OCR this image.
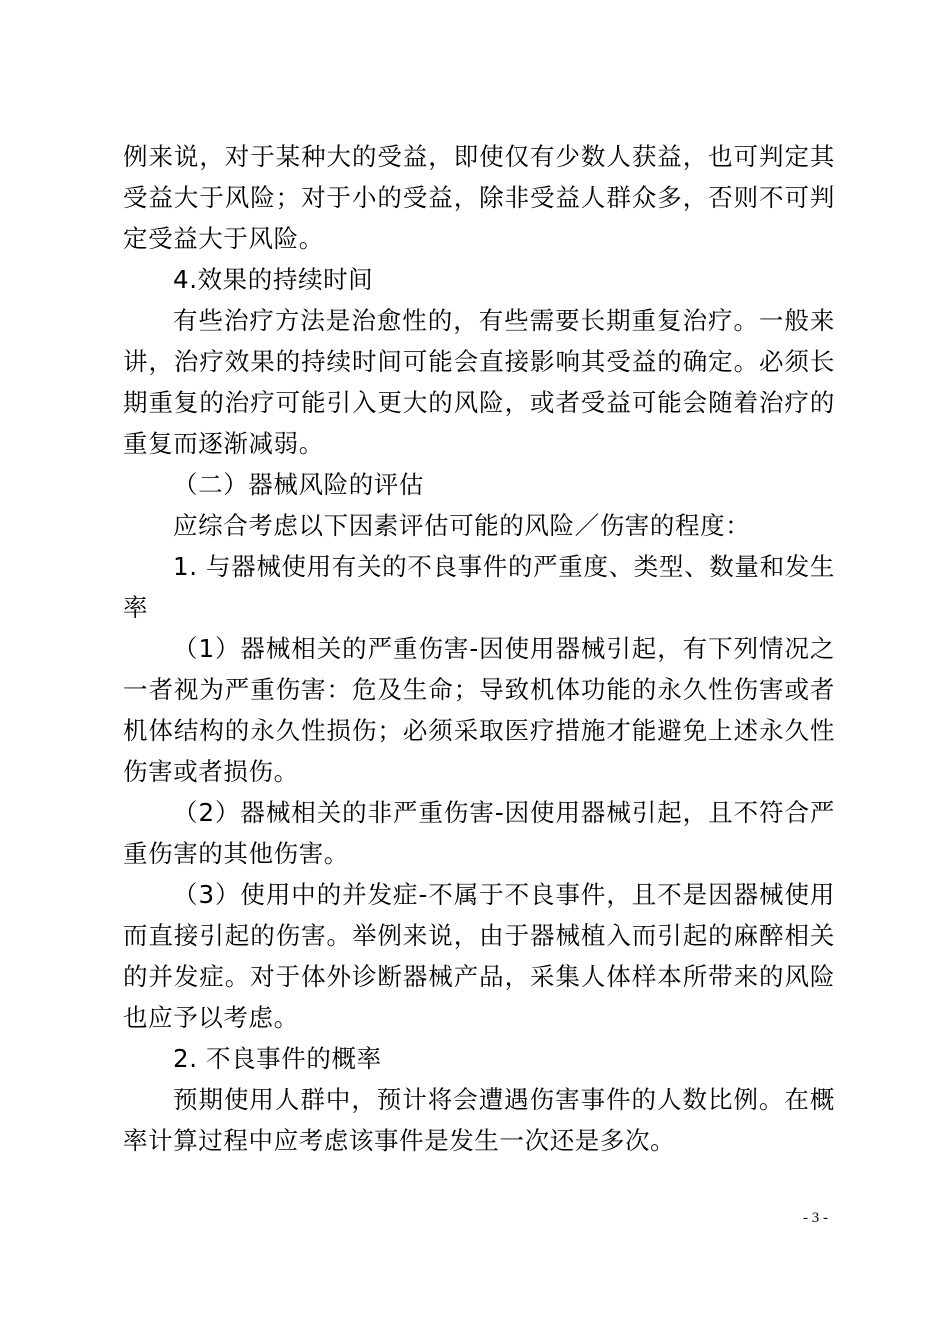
例来说，对于某种大的受益，即使仅有少数人获益，也可判定其受益大于风险；对于小的受益，除非受益人群众多，否则不可判定受益大于风险。

4.效果的持续时间

有些治疗方法是治愈性的，有些需要长期重复治疗。一般来讲，治疗效果的持续时间可能会直接影响其受益的确定。必须长期重复的治疗可能引入更大的风险，或者受益可能会随着治疗的重复而逐渐减弱。

（二）器械风险的评估

应综合考虑以下因素评估可能的风险／伤害的程度：

1. 与器械使用有关的不良事件的严重度、类型、数量和发生率

（1）器械相关的严重伤害-因使用器械引起，有下列情况之一者视为严重伤害：危及生命；导致机体功能的永久性伤害或者机体结构的永久性损伤；必须采取医疗措施才能避免上述永久性伤害或者损伤。

（2）器械相关的非严重伤害-因使用器械引起，且不符合严重伤害的其他伤害。

（3）使用中的并发症-不属于不良事件，且不是因器械使用而直接引起的伤害。举例来说，由于器械植入而引起的麻醉相关的并发症。对于体外诊断器械产品，采集人体样本所带来的风险也应予以考虑。

2. 不良事件的概率

预期使用人群中，预计将会遭遇伤害事件的人数比例。在概率计算过程中应考虑该事件是发生一次还是多次。

- 3 -
